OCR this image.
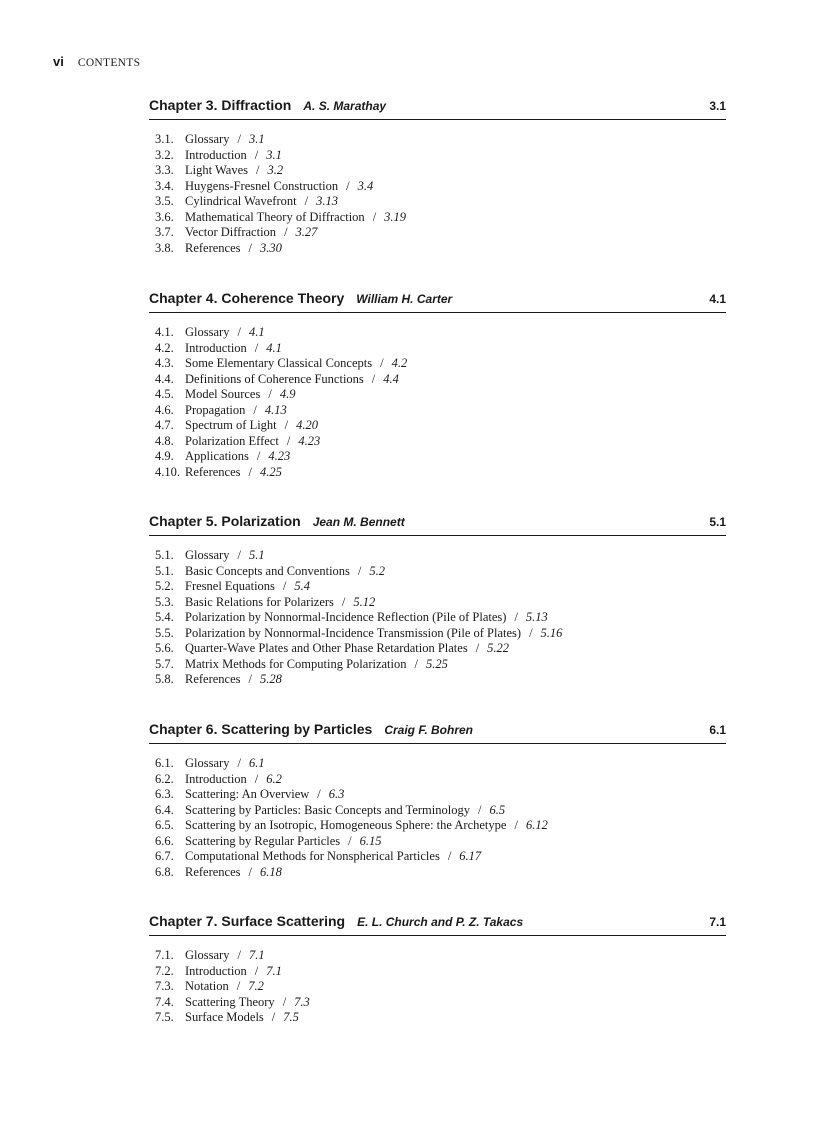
vi CONTENTS
Chapter 3. Diffraction A. S. Marathay	3.1
3.1. Glossary / 3.1
3.2. Introduction / 3.1
3.3. Light Waves / 3.2
3.4. Huygens-Fresnel Construction / 3.4
3.5. Cylindrical Wavefront / 3.13
3.6. Mathematical Theory of Diffraction / 3.19
3.7. Vector Diffraction / 3.27
3.8. References / 3.30
Chapter 4. Coherence Theory William H. Carter	4.1
4.1. Glossary / 4.1
4.2. Introduction / 4.1
4.3. Some Elementary Classical Concepts / 4.2
4.4. Definitions of Coherence Functions / 4.4
4.5. Model Sources / 4.9
4.6. Propagation / 4.13
4.7. Spectrum of Light / 4.20
4.8. Polarization Effect / 4.23
4.9. Applications / 4.23
4.10. References / 4.25
Chapter 5. Polarization Jean M. Bennett	5.1
5.1. Glossary / 5.1
5.1. Basic Concepts and Conventions / 5.2
5.2. Fresnel Equations / 5.4
5.3. Basic Relations for Polarizers / 5.12
5.4. Polarization by Nonnormal-Incidence Reflection (Pile of Plates) / 5.13
5.5. Polarization by Nonnormal-Incidence Transmission (Pile of Plates) / 5.16
5.6. Quarter-Wave Plates and Other Phase Retardation Plates / 5.22
5.7. Matrix Methods for Computing Polarization / 5.25
5.8. References / 5.28
Chapter 6. Scattering by Particles Craig F. Bohren	6.1
6.1. Glossary / 6.1
6.2. Introduction / 6.2
6.3. Scattering: An Overview / 6.3
6.4. Scattering by Particles: Basic Concepts and Terminology / 6.5
6.5. Scattering by an Isotropic, Homogeneous Sphere: the Archetype / 6.12
6.6. Scattering by Regular Particles / 6.15
6.7. Computational Methods for Nonspherical Particles / 6.17
6.8. References / 6.18
Chapter 7. Surface Scattering E. L. Church and P. Z. Takacs	7.1
7.1. Glossary / 7.1
7.2. Introduction / 7.1
7.3. Notation / 7.2
7.4. Scattering Theory / 7.3
7.5. Surface Models / 7.5
